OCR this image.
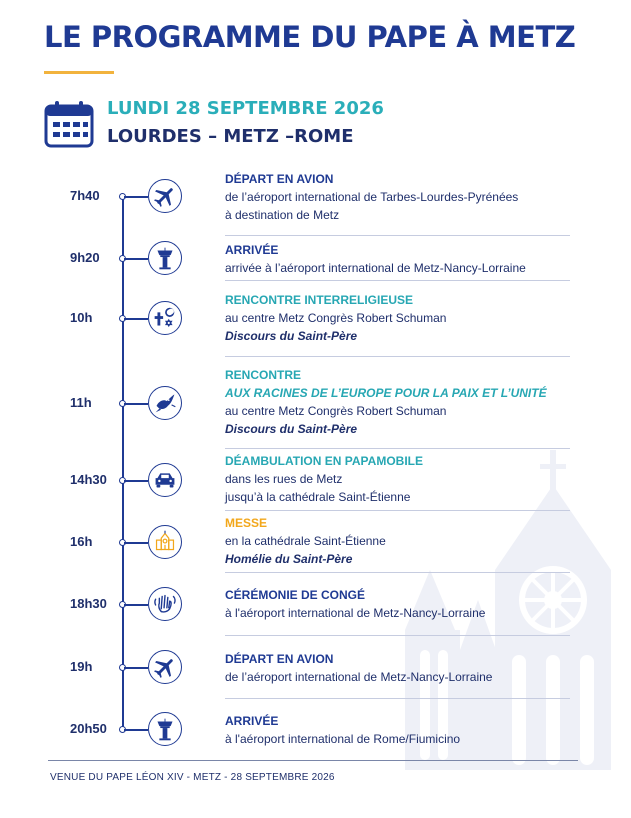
LE PROGRAMME DU PAPE À METZ
LUNDI 28 SEPTEMBRE 2026
LOURDES – METZ –ROME
7h40
DÉPART EN AVION
de l’aéroport international de Tarbes-Lourdes-Pyrénées
à destination de Metz
9h20	ARRIVÉE
arrivée à l’aéroport international de Metz-Nancy-Lorraine
10h
RENCONTRE INTERRELIGIEUSE
au centre Metz Congrès Robert Schuman
Discours du Saint-Père
11h
RENCONTRE
AUX RACINES DE L’EUROPE POUR LA PAIX ET L’UNITÉ
au centre Metz Congrès Robert Schuman
Discours du Saint-Père
14h30
DÉAMBULATION EN PAPAMOBILE
dans les rues de Metz
jusqu’à la cathédrale Saint-Étienne
16h
MESSE
en la cathédrale Saint-Étienne
Homélie du Saint-Père
18h30
CÉRÉMONIE DE CONGÉ
à l'aéroport international de Metz-Nancy-Lorraine
19h	DÉPART EN AVION
de l’aéroport international de Metz-Nancy-Lorraine
20h50	ARRIVÉE
à l'aéroport international de Rome/Fiumicino
VENUE DU PAPE LÉON XIV - METZ - 28 SEPTEMBRE 2026
